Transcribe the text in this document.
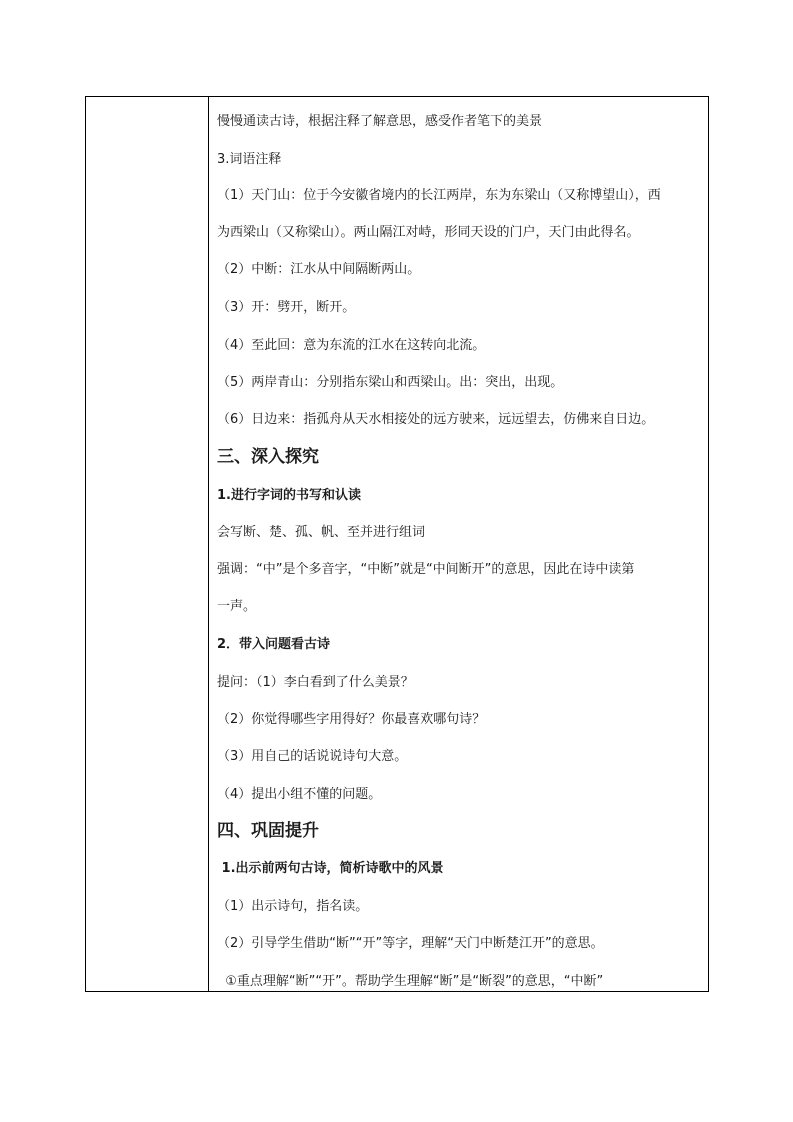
慢慢通读古诗，根据注释了解意思，感受作者笔下的美景
3.词语注释
（1）天门山：位于今安徽省境内的长江两岸，东为东梁山（又称博望山），西
为西梁山（又称梁山）。两山隔江对峙，形同天设的门户，天门由此得名。
（2）中断：江水从中间隔断两山。
（3）开：劈开，断开。
（4）至此回：意为东流的江水在这转向北流。
（5）两岸青山：分别指东梁山和西梁山。出：突出，出现。
（6）日边来：指孤舟从天水相接处的远方驶来，远远望去，仿佛来自日边。
三、深入探究
1.进行字词的书写和认读
会写断、楚、孤、帆、至并进行组词
强调：“中”是个多音字，“中断”就是“中间断开”的意思，因此在诗中读第
一声。
2．带入问题看古诗
提问：（1）李白看到了什么美景？
（2）你觉得哪些字用得好？你最喜欢哪句诗？
（3）用自己的话说说诗句大意。
（4）提出小组不懂的问题。
四、巩固提升
1.出示前两句古诗，简析诗歌中的风景
（1）出示诗句，指名读。
（2）引导学生借助“断”“开”等字，理解“天门中断楚江开”的意思。
①重点理解“断”“开”。帮助学生理解“断”是“断裂”的意思，“中断”
